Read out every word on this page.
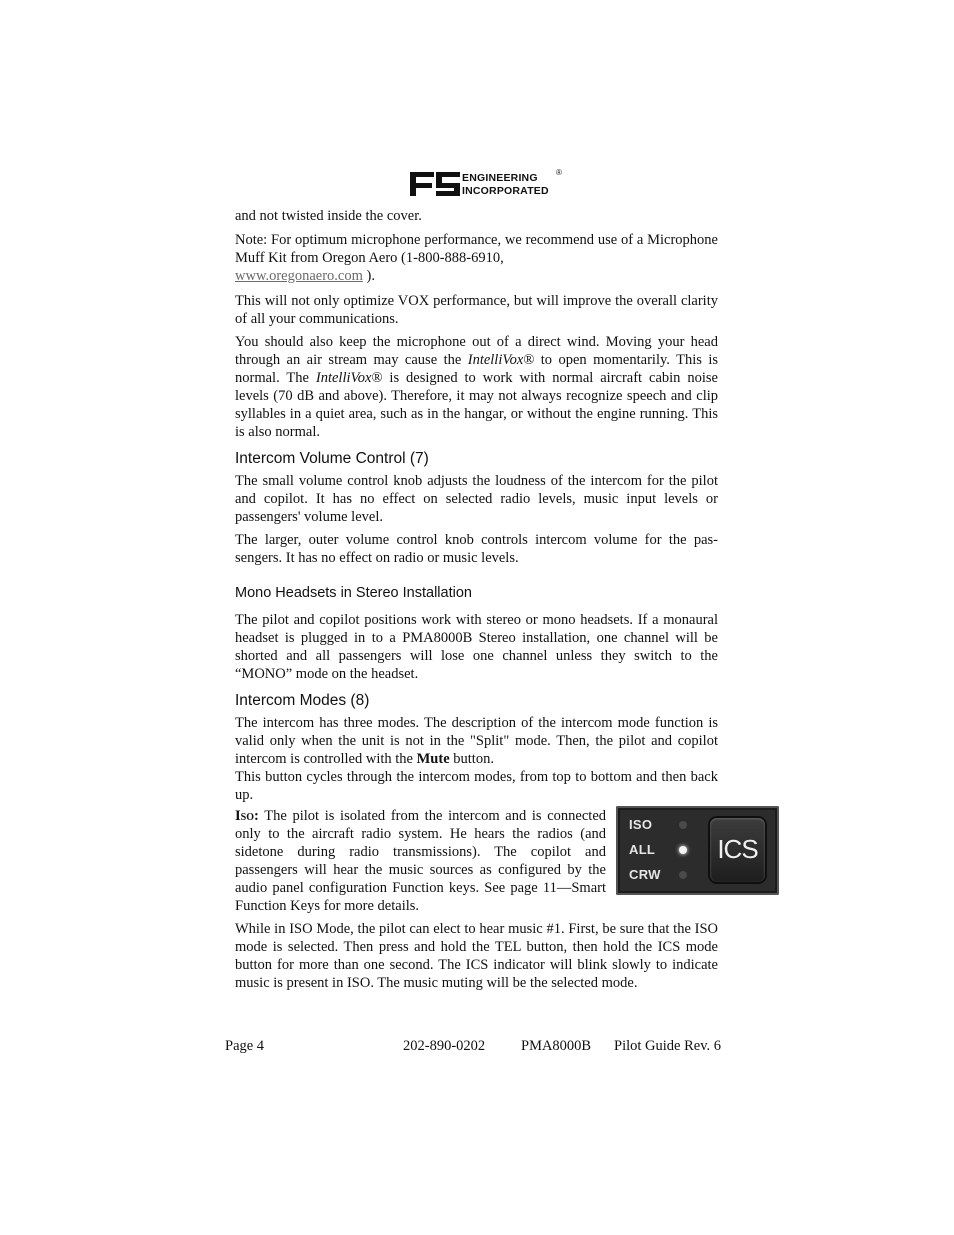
ENGINEERING
INCORPORATED
®

and not twisted inside the cover.

Note: For optimum microphone performance, we recommend use of a Microphone Muff Kit from Oregon Aero (1-800-888-6910,
www.oregonaero.com ).

This will not only optimize VOX performance, but will improve the overall clarity of all your communications.

You should also keep the microphone out of a direct wind. Moving your head through an air stream may cause the IntelliVox® to open momentarily. This is normal. The IntelliVox® is designed to work with normal aircraft cabin noise levels (70 dB and above). Therefore, it may not always recognize speech and clip syllables in a quiet area, such as in the hangar, or without the engine running. This is also normal.

Intercom Volume Control (7)

The small volume control knob adjusts the loudness of the intercom for the pilot and copilot. It has no effect on selected radio levels, music input levels or passengers' volume level.

The larger, outer volume control knob controls intercom volume for the passengers. It has no effect on radio or music levels.

Mono Headsets in Stereo Installation

The pilot and copilot positions work with stereo or mono headsets. If a monaural headset is plugged in to a PMA8000B Stereo installation, one channel will be shorted and all passengers will lose one channel unless they switch to the “MONO” mode on the headset.

Intercom Modes (8)

The intercom has three modes. The description of the intercom mode function is valid only when the unit is not in the "Split" mode. Then, the pilot and copilot intercom is controlled with the Mute button.

This button cycles through the intercom modes, from top to bottom and then back up.

Iso: The pilot is isolated from the intercom and is connected only to the aircraft radio system. He hears the radios (and sidetone during radio transmissions). The copilot and passengers will hear the music sources as configured by the audio panel configuration Function keys. See page 11—Smart Function Keys for more details.

While in ISO Mode, the pilot can elect to hear music #1. First, be sure that the ISO mode is selected. Then press and hold the TEL button, then hold the ICS mode button for more than one second. The ICS indicator will blink slowly to indicate music is present in ISO. The music muting will be the selected mode.

ISO
ALL
CRW
ICS
Page 4	202-890-0202 PMA8000B Pilot Guide Rev. 6
